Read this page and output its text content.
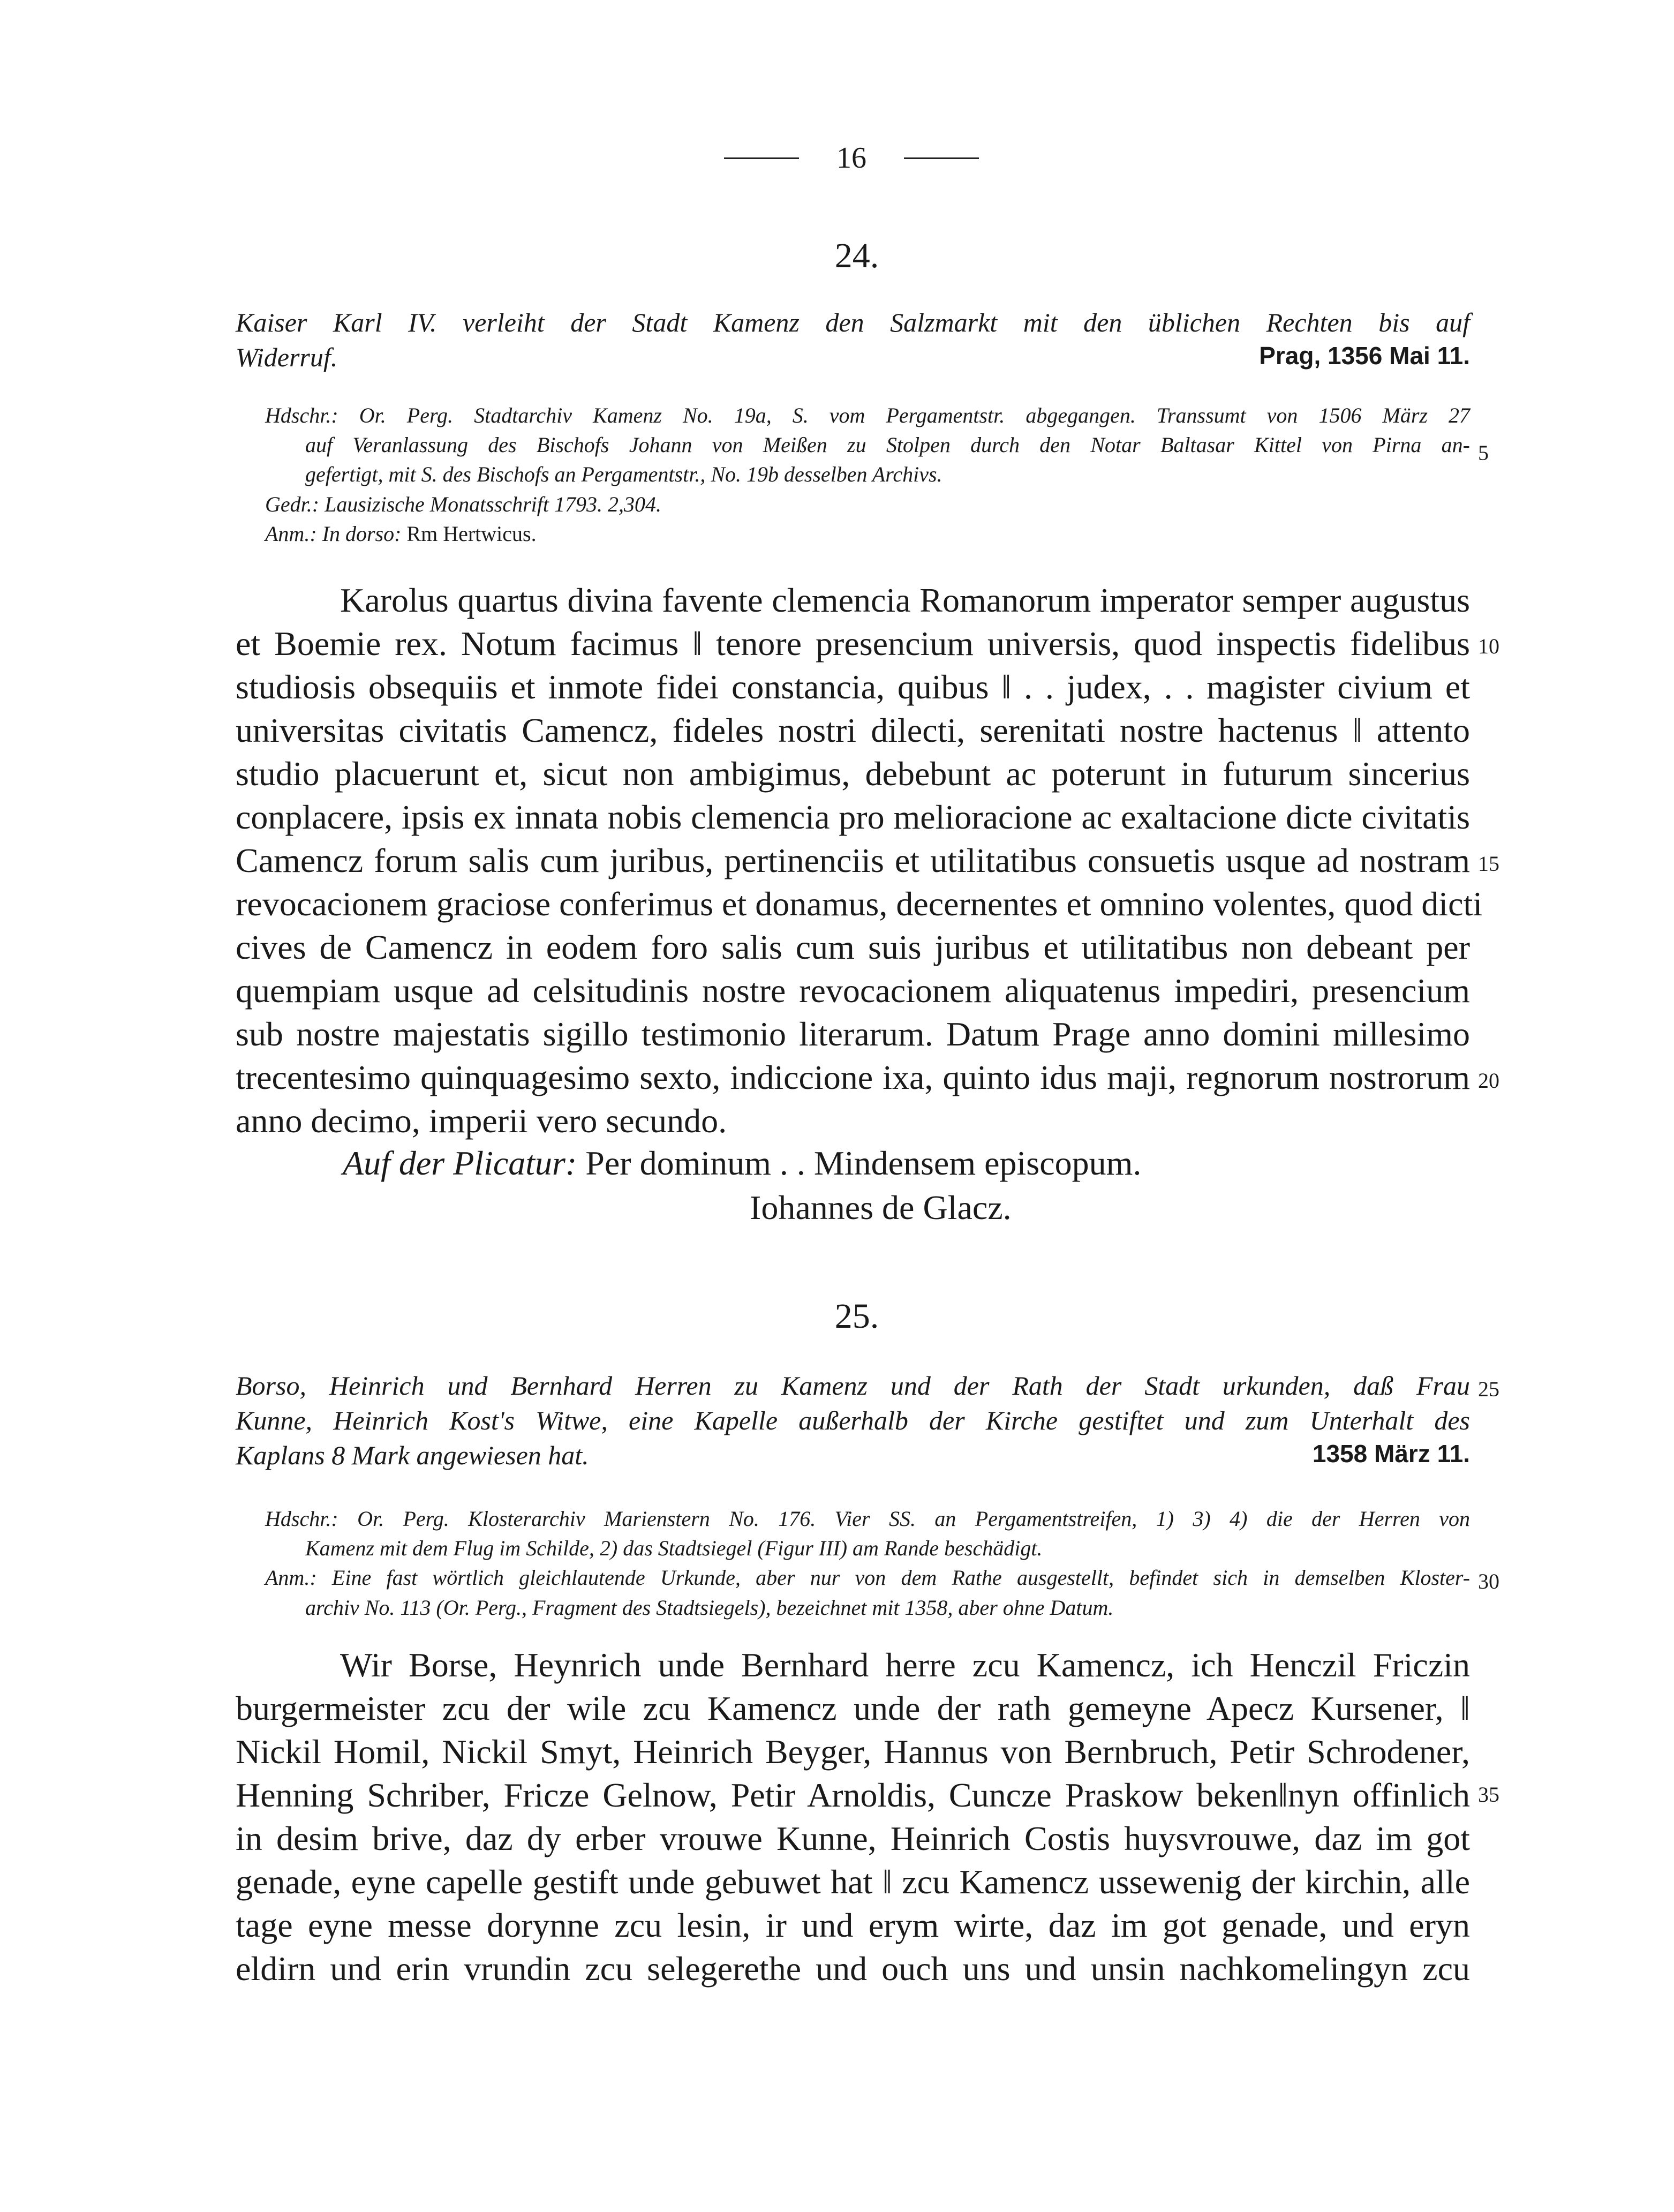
16
24.
Kaiser Karl IV. verleiht der Stadt Kamenz den Salzmarkt mit den üblichen Rechten bis auf
Widerruf.	Prag, 1356 Mai 11.
Hdschr.: Or. Perg. Stadtarchiv Kamenz No. 19a, S. vom Pergamentstr. abgegangen. Transsumt von 1506 März 27
auf Veranlassung des Bischofs Johann von Meißen zu Stolpen durch den Notar Baltasar Kittel von Pirna an-
gefertigt, mit S. des Bischofs an Pergamentstr., No. 19b desselben Archivs.
Gedr.: Lausizische Monatsschrift 1793. 2,304.
Anm.: In dorso: Rm Hertwicus.
Karolus quartus divina favente clemencia Romanorum imperator semper augustus
et Boemie rex. Notum facimus ‖ tenore presencium universis, quod inspectis fidelibus
studiosis obsequiis et inmote fidei constancia, quibus ‖ . . judex, . . magister civium et
universitas civitatis Camencz, fideles nostri dilecti, serenitati nostre hactenus ‖ attento
studio placuerunt et, sicut non ambigimus, debebunt ac poterunt in futurum sincerius
conplacere, ipsis ex innata nobis clemencia pro melioracione ac exaltacione dicte civitatis
Camencz forum salis cum juribus, pertinenciis et utilitatibus consuetis usque ad nostram
revocacionem graciose conferimus et donamus, decernentes et omnino volentes, quod dicti
cives de Camencz in eodem foro salis cum suis juribus et utilitatibus non debeant per
quempiam usque ad celsitudinis nostre revocacionem aliquatenus impediri, presencium
sub nostre majestatis sigillo testimonio literarum. Datum Prage anno domini millesimo
trecentesimo quinquagesimo sexto, indiccione ixa, quinto idus maji, regnorum nostrorum
anno decimo, imperii vero secundo.
Auf der Plicatur: Per dominum . . Mindensem episcopum.
Iohannes de Glacz.
25.
Borso, Heinrich und Bernhard Herren zu Kamenz und der Rath der Stadt urkunden, daß Frau
Kunne, Heinrich Kost's Witwe, eine Kapelle außerhalb der Kirche gestiftet und zum Unterhalt des
Kaplans 8 Mark angewiesen hat.	1358 März 11.
Hdschr.: Or. Perg. Klosterarchiv Marienstern No. 176. Vier SS. an Pergamentstreifen, 1) 3) 4) die der Herren von
Kamenz mit dem Flug im Schilde, 2) das Stadtsiegel (Figur III) am Rande beschädigt.
Anm.: Eine fast wörtlich gleichlautende Urkunde, aber nur von dem Rathe ausgestellt, befindet sich in demselben Kloster-
archiv No. 113 (Or. Perg., Fragment des Stadtsiegels), bezeichnet mit 1358, aber ohne Datum.
Wir Borse, Heynrich unde Bernhard herre zcu Kamencz, ich Henczil Friczin
burgermeister zcu der wile zcu Kamencz unde der rath gemeyne Apecz Kursener, ‖
Nickil Homil, Nickil Smyt, Heinrich Beyger, Hannus von Bernbruch, Petir Schrodener,
Henning Schriber, Fricze Gelnow, Petir Arnoldis, Cuncze Praskow beken‖nyn offinlich
in desim brive, daz dy erber vrouwe Kunne, Heinrich Costis huysvrouwe, daz im got
genade, eyne capelle gestift unde gebuwet hat ‖ zcu Kamencz ussewenig der kirchin, alle
tage eyne messe dorynne zcu lesin, ir und erym wirte, daz im got genade, und eryn
eldirn und erin vrundin zcu selegerethe und ouch uns und unsin nachkomelingyn zcu
5
10
15
20
25
30
35
